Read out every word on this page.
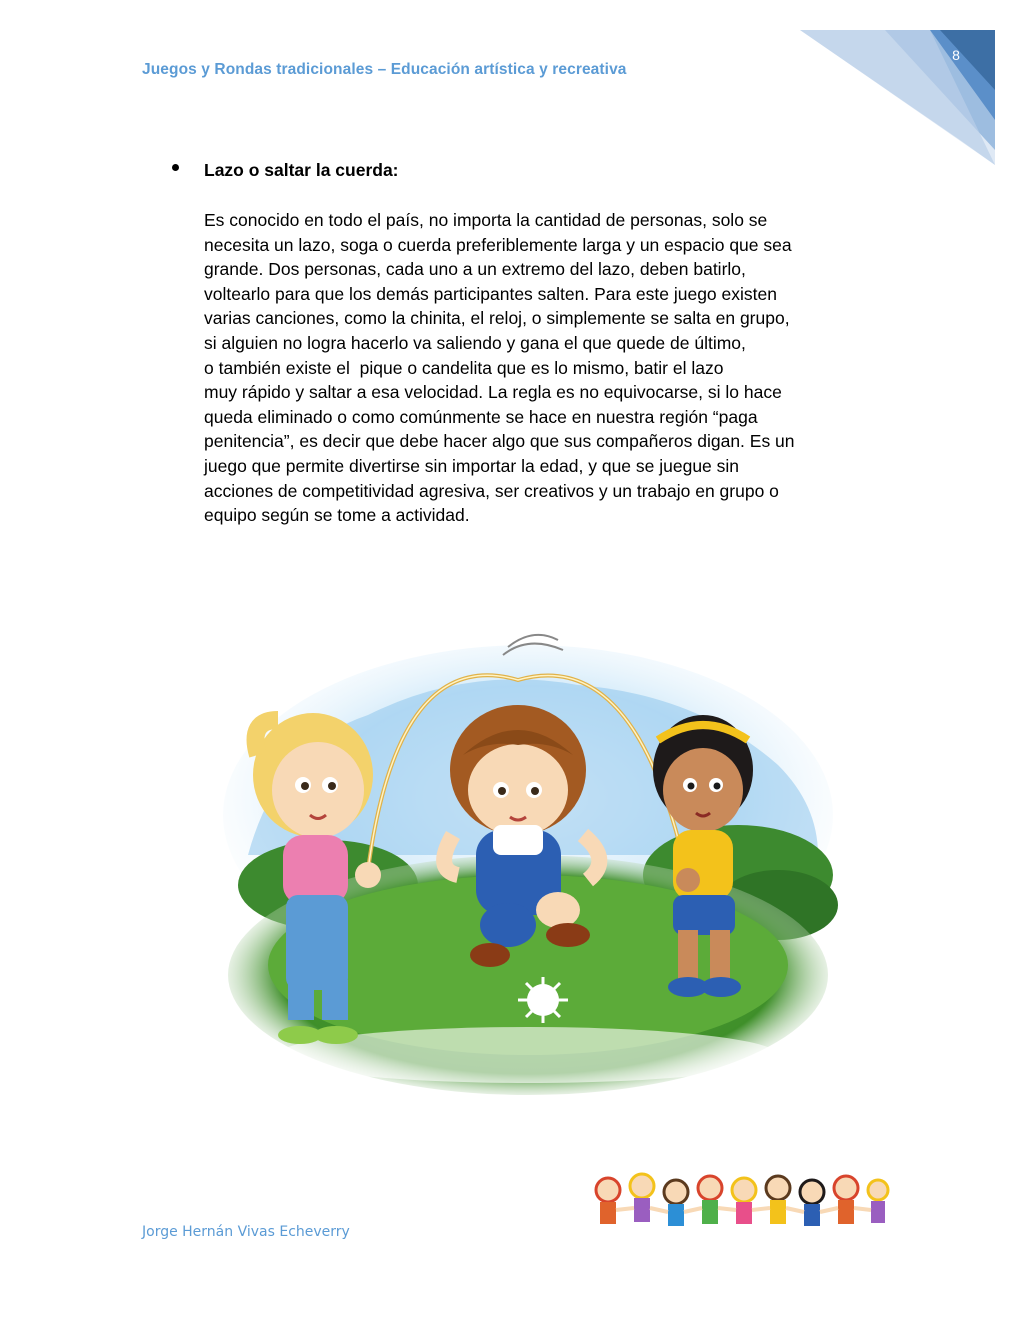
Juegos y Rondas tradicionales – Educación artística y recreativa
8
Lazo o saltar la cuerda:
Es conocido en todo el país, no importa la cantidad de personas, solo se
necesita un lazo, soga o cuerda preferiblemente larga y un espacio que sea
grande. Dos personas, cada uno a un extremo del lazo, deben batirlo,
voltearlo para que los demás participantes salten. Para este juego existen
varias canciones, como la chinita, el reloj, o simplemente se salta en grupo,
si alguien no logra hacerlo va saliendo y gana el que quede de último,
o también existe el  pique o candelita que es lo mismo, batir el lazo
muy rápido y saltar a esa velocidad. La regla es no equivocarse, si lo hace
queda eliminado o como comúnmente se hace en nuestra región “paga
penitencia”, es decir que debe hacer algo que sus compañeros digan. Es un
juego que permite divertirse sin importar la edad, y que se juegue sin
acciones de competitividad agresiva, ser creativos y un trabajo en grupo o
equipo según se tome a actividad.
Jorge Hernán Vivas Echeverry
